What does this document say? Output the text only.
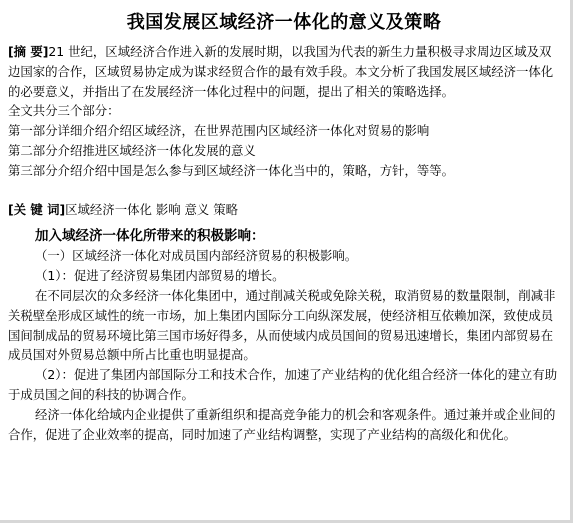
我国发展区域经济一体化的意义及策略

[摘 要]21 世纪，区域经济合作进入新的发展时期，以我国为代表的新生力量积极寻求周边区域及双边国家的合作，区域贸易协定成为谋求经贸合作的最有效手段。本文分析了我国发展区域经济一体化的必要意义，并指出了在发展经济一体化过程中的问题，提出了相关的策略选择。

全文共分三个部分：

第一部分详细介绍介绍区域经济，在世界范围内区域经济一体化对贸易的影响

第二部分介绍推进区域经济一体化发展的意义

第三部分介绍介绍中国是怎么参与到区域经济一体化当中的，策略，方针，等等。

[关 键 词]区域经济一体化 影响 意义 策略

加入域经济一体化所带来的积极影响：

（一）区域经济一体化对成员国内部经济贸易的积极影响。

（1）：促进了经济贸易集团内部贸易的增长。

在不同层次的众多经济一体化集团中，通过削减关税或免除关税，取消贸易的数量限制，削减非关税壁垒形成区域性的统一市场，加上集团内国际分工向纵深发展，使经济相互依赖加深，致使成员国间制成品的贸易环境比第三国市场好得多，从而使域内成员国间的贸易迅速增长，集团内部贸易在成员国对外贸易总额中所占比重也明显提高。

（2）：促进了集团内部国际分工和技术合作，加速了产业结构的优化组合经济一体化的建立有助于成员国之间的科技的协调合作。

经济一体化给域内企业提供了重新组织和提高竞争能力的机会和客观条件。通过兼并或企业间的合作，促进了企业效率的提高，同时加速了产业结构调整，实现了产业结构的高级化和优化。
